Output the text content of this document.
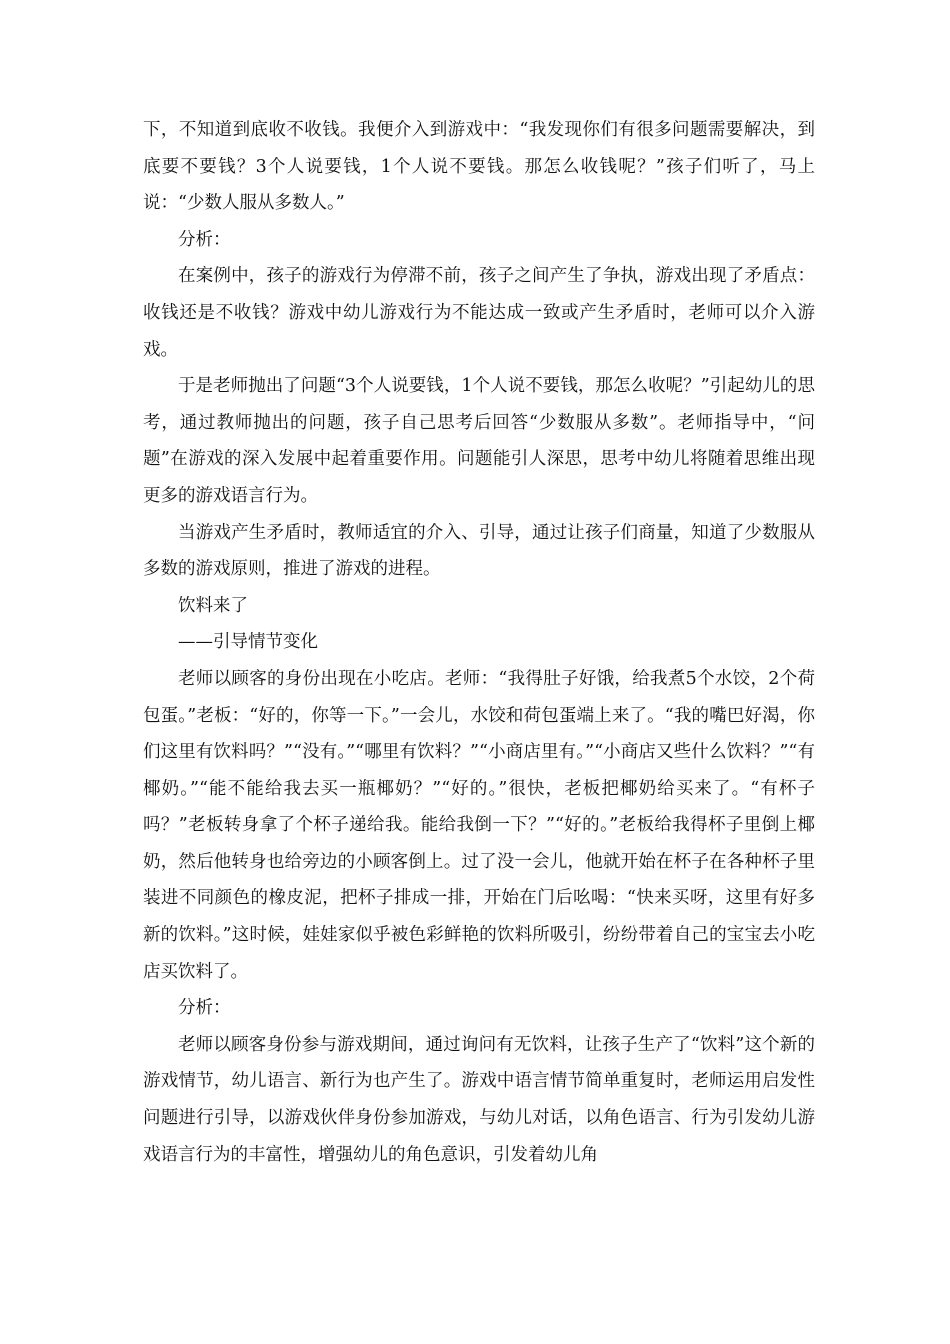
下，不知道到底收不收钱。我便介入到游戏中：“我发现你们有很多问题需要解决，到底要不要钱？3个人说要钱，1个人说不要钱。那怎么收钱呢？”孩子们听了，马上说：“少数人服从多数人。”

分析：

在案例中，孩子的游戏行为停滞不前，孩子之间产生了争执，游戏出现了矛盾点：收钱还是不收钱？游戏中幼儿游戏行为不能达成一致或产生矛盾时，老师可以介入游戏。

于是老师抛出了问题“3个人说要钱，1个人说不要钱，那怎么收呢？”引起幼儿的思考，通过教师抛出的问题，孩子自己思考后回答“少数服从多数”。老师指导中，“问题”在游戏的深入发展中起着重要作用。问题能引人深思，思考中幼儿将随着思维出现更多的游戏语言行为。

当游戏产生矛盾时，教师适宜的介入、引导，通过让孩子们商量，知道了少数服从多数的游戏原则，推进了游戏的进程。

饮料来了

——引导情节变化

老师以顾客的身份出现在小吃店。老师：“我得肚子好饿，给我煮5个水饺，2个荷包蛋。”老板：“好的，你等一下。”一会儿，水饺和荷包蛋端上来了。“我的嘴巴好渴，你们这里有饮料吗？”“没有。”“哪里有饮料？”“小商店里有。”“小商店又些什么饮料？”“有椰奶。”“能不能给我去买一瓶椰奶？”“好的。”很快，老板把椰奶给买来了。“有杯子吗？”老板转身拿了个杯子递给我。能给我倒一下？”“好的。”老板给我得杯子里倒上椰奶，然后他转身也给旁边的小顾客倒上。过了没一会儿，他就开始在杯子在各种杯子里装进不同颜色的橡皮泥，把杯子排成一排，开始在门后吆喝：“快来买呀，这里有好多新的饮料。”这时候，娃娃家似乎被色彩鲜艳的饮料所吸引，纷纷带着自己的宝宝去小吃店买饮料了。

分析：

老师以顾客身份参与游戏期间，通过询问有无饮料，让孩子生产了“饮料”这个新的游戏情节，幼儿语言、新行为也产生了。游戏中语言情节简单重复时，老师运用启发性问题进行引导，以游戏伙伴身份参加游戏，与幼儿对话，以角色语言、行为引发幼儿游戏语言行为的丰富性，增强幼儿的角色意识，引发着幼儿角
